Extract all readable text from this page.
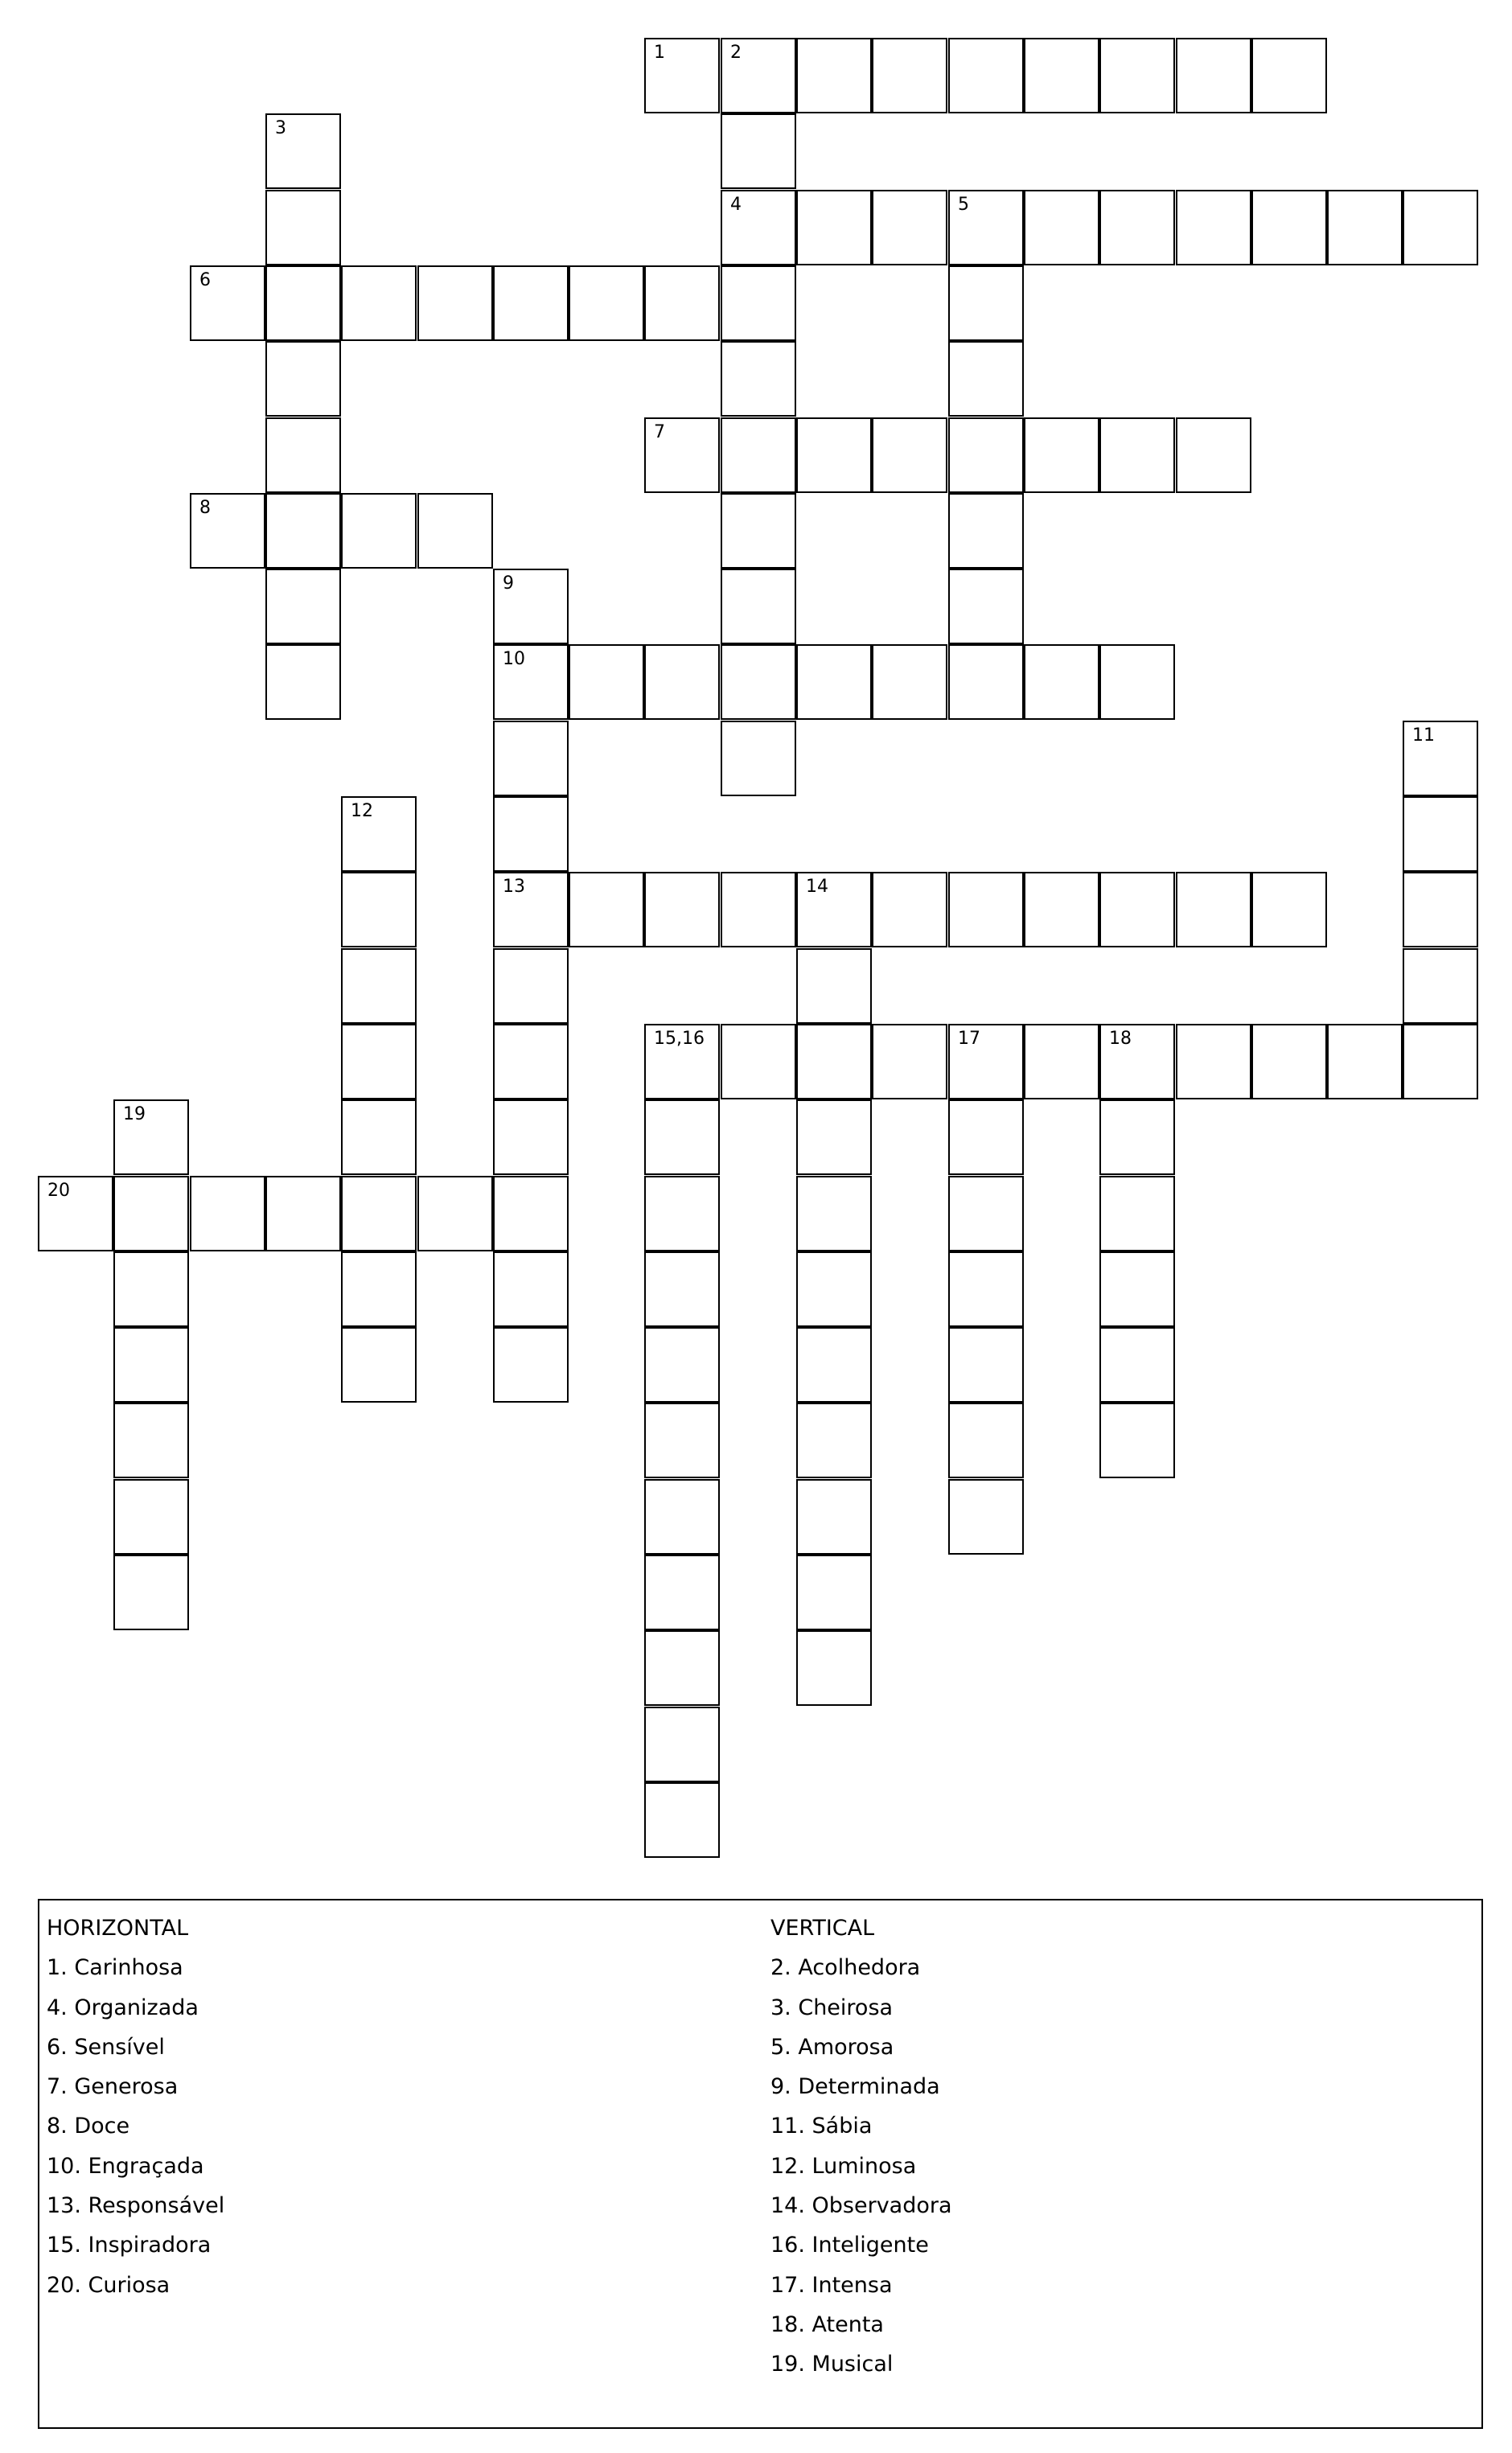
1	2
3
4	5
6
7
8
9
10
11
12
13	14
15,16	17	18
19
20
HORIZONTAL
1. Carinhosa
4. Organizada
6. Sensível
7. Generosa
8. Doce
10. Engraçada
13. Responsável
15. Inspiradora
20. Curiosa
VERTICAL
2. Acolhedora
3. Cheirosa
5. Amorosa
9. Determinada
11. Sábia
12. Luminosa
14. Observadora
16. Inteligente
17. Intensa
18. Atenta
19. Musical
